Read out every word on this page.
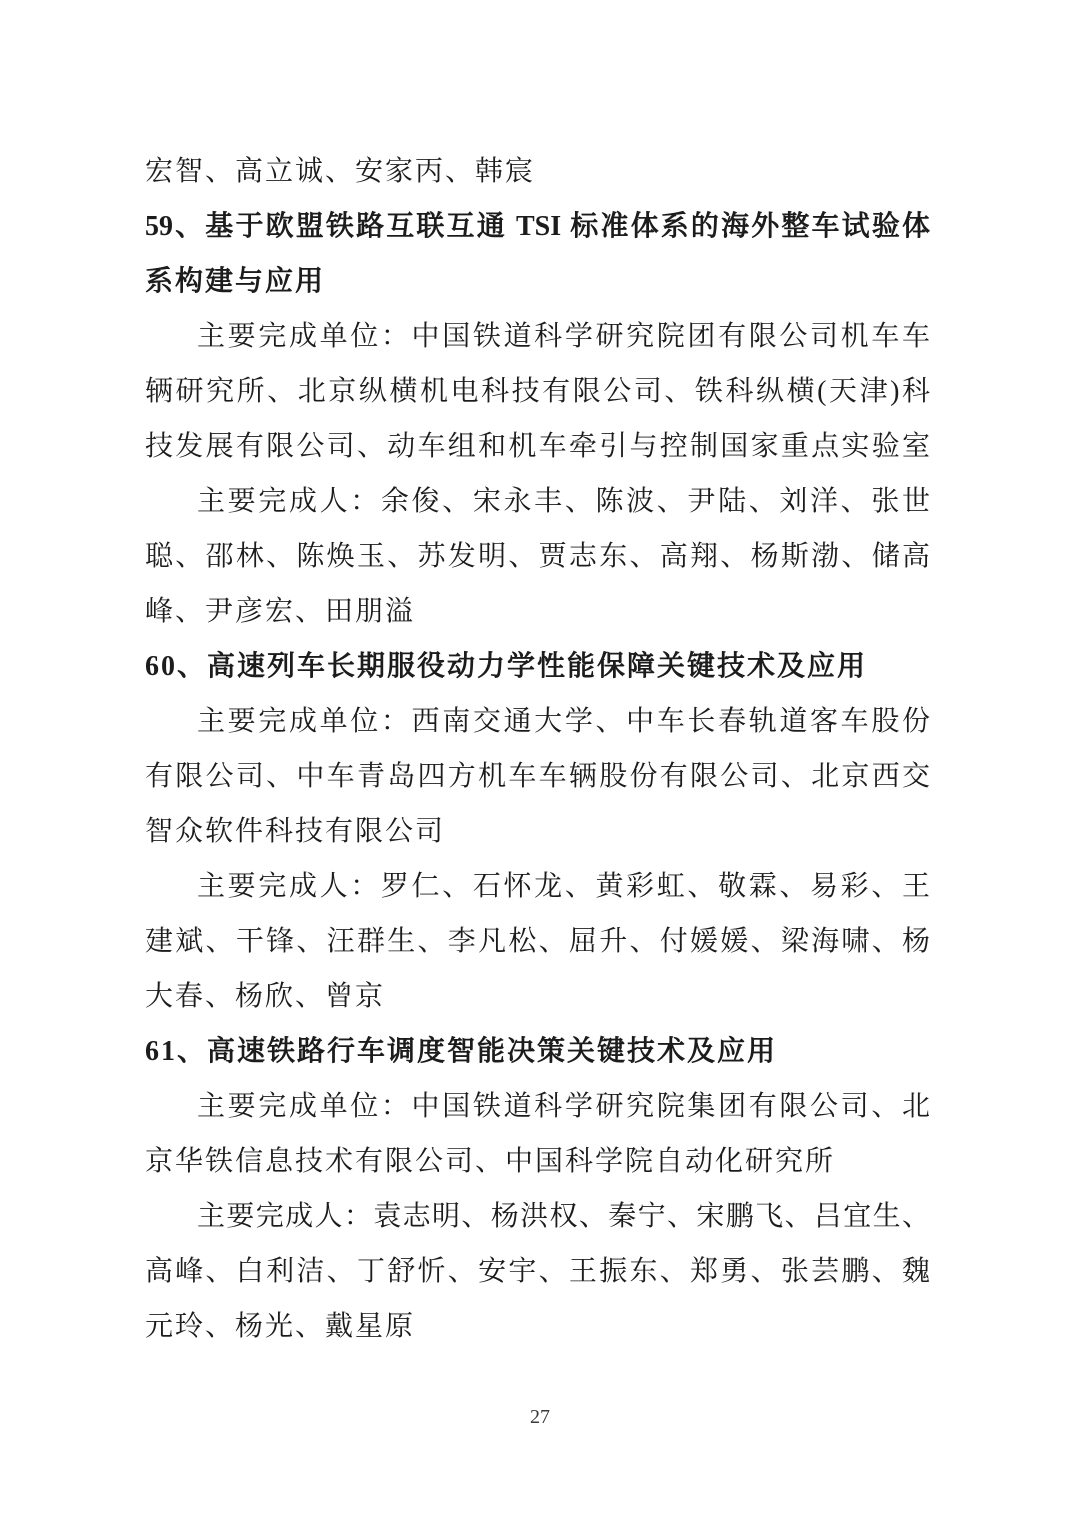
宏智、高立诚、安家丙、韩宸
59、基于欧盟铁路互联互通 TSI 标准体系的海外整车试验体
系构建与应用
主要完成单位：中国铁道科学研究院团有限公司机车车
辆研究所、北京纵横机电科技有限公司、铁科纵横(天津)科
技发展有限公司、动车组和机车牵引与控制国家重点实验室
主要完成人：余俊、宋永丰、陈波、尹陆、刘洋、张世
聪、邵林、陈焕玉、苏发明、贾志东、高翔、杨斯渤、储高
峰、尹彦宏、田朋溢
60、高速列车长期服役动力学性能保障关键技术及应用
主要完成单位：西南交通大学、中车长春轨道客车股份
有限公司、中车青岛四方机车车辆股份有限公司、北京西交
智众软件科技有限公司
主要完成人：罗仁、石怀龙、黄彩虹、敬霖、易彩、王
建斌、干锋、汪群生、李凡松、屈升、付媛媛、梁海啸、杨
大春、杨欣、曾京
61、高速铁路行车调度智能决策关键技术及应用
主要完成单位：中国铁道科学研究院集团有限公司、北
京华铁信息技术有限公司、中国科学院自动化研究所
主要完成人：袁志明、杨洪权、秦宁、宋鹏飞、吕宜生、
高峰、白利洁、丁舒忻、安宇、王振东、郑勇、张芸鹏、魏
元玲、杨光、戴星原
27
